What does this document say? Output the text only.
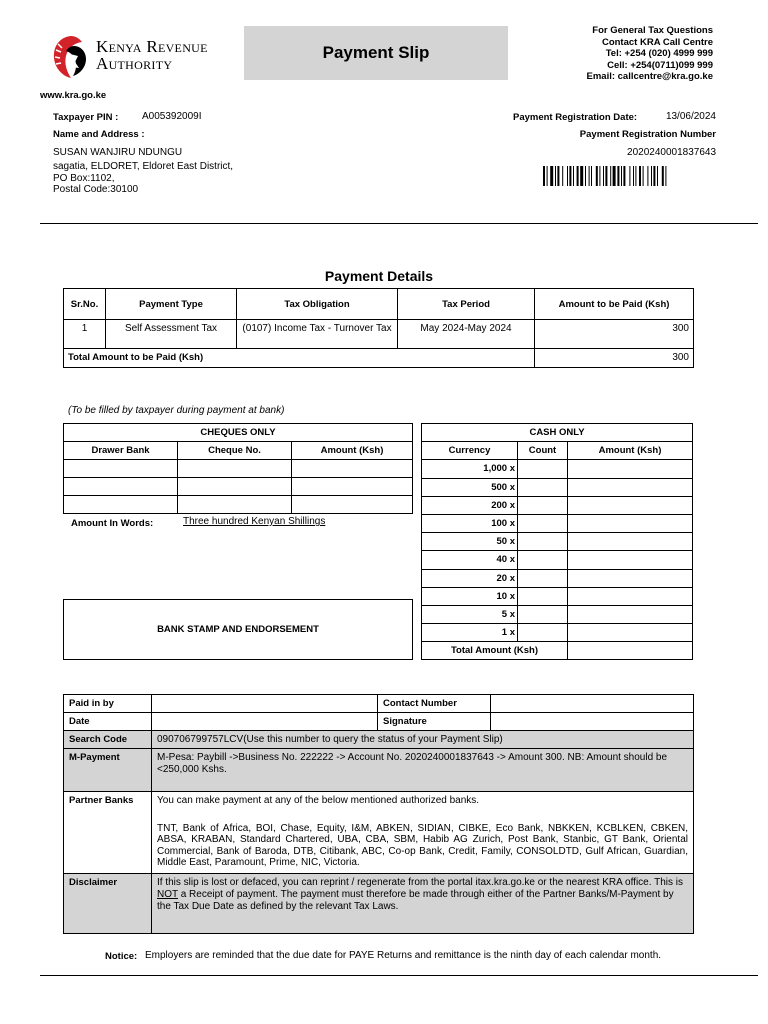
Kenya Revenue
Authority
Payment Slip
For General Tax Questions
Contact KRA Call Centre
Tel: +254 (020) 4999 999
Cell: +254(0711)099 999
Email: callcentre@kra.go.ke
www.kra.go.ke
Taxpayer PIN : A005392009I
Name and Address :
SUSAN WANJIRU NDUNGU
sagatia, ELDORET, Eldoret East District,
PO Box:1102,
Postal Code:30100
Payment Registration Date:	13/06/2024
Payment Registration Number
2020240001837643
Payment Details
Sr.No.	Payment Type	Tax Obligation	Tax Period	Amount to be Paid (Ksh)
1	Self Assessment Tax	(0107) Income Tax - Turnover Tax	May 2024-May 2024	300
Total Amount to be Paid (Ksh)				300
(To be filled by taxpayer during payment at bank)
CHEQUES ONLY		
Drawer Bank	Cheque No.	Amount (Ksh)

Amount In Words:	Three hundred Kenyan Shillings
BANK STAMP AND ENDORSEMENT
CASH ONLY		
Currency	Count	Amount (Ksh)
1,000 x		
500 x		
200 x		
100 x		
50 x		
40 x		
20 x		
10 x		
5 x		
1 x		
Total Amount (Ksh)		
Paid in by		Contact Number	
Date		Signature	
Search Code	090706799757LCV(Use this number to query the status of your Payment Slip)		
M-Payment	M-Pesa: Paybill ->Business No. 222222 -> Account No. 2020240001837643 -> Amount 300. NB: Amount should be <250,000 Kshs.		
Partner Banks	You can make payment at any of the below mentioned authorized banks.
TNT, Bank of Africa, BOI, Chase, Equity, I&M, ABKEN, SIDIAN, CIBKE, Eco Bank, NBKKEN, KCBLKEN, CBKEN, ABSA, KRABAN, Standard Chartered, UBA, CBA, SBM, Habib AG Zurich, Post Bank, Stanbic, GT Bank, Oriental Commercial, Bank of Baroda, DTB, Citibank, ABC, Co-op Bank, Credit, Family, CONSOLDTD, Gulf African, Guardian, Middle East, Paramount, Prime, NIC, Victoria.		

Disclaimer	If this slip is lost or defaced, you can reprint / regenerate from the portal itax.kra.go.ke or the nearest KRA office. This is NOT a Receipt of payment. The payment must therefore be made through either of the Partner Banks/M-Payment by the Tax Due Date as defined by the relevant Tax Laws.		
Notice: Employers are reminded that the due date for PAYE Returns and remittance is the ninth day of each calendar month.
